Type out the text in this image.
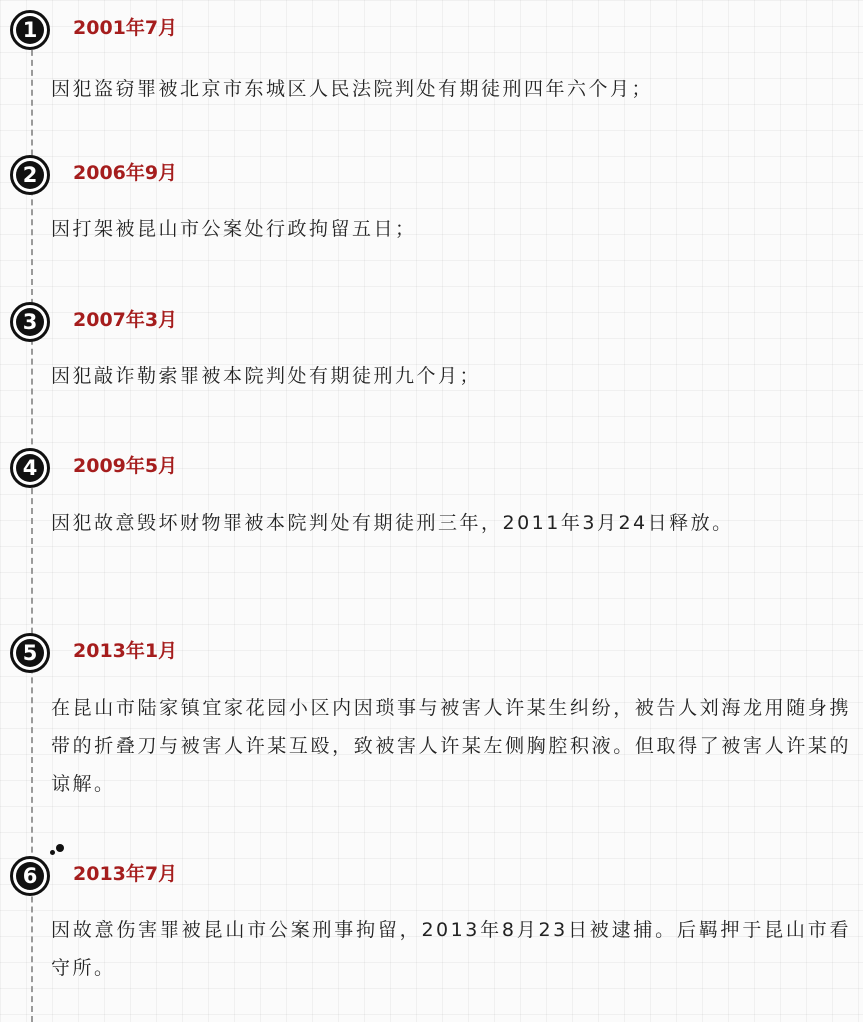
1	2001年7月

因犯盗窃罪被北京市东城区人民法院判处有期徒刑四年六个月；

2	2006年9月

因打架被昆山市公案处行政拘留五日；

3	2007年3月

因犯敲诈勒索罪被本院判处有期徒刑九个月；

4	2009年5月

因犯故意毁坏财物罪被本院判处有期徒刑三年，2011年3月24日释放。

5	2013年1月

在昆山市陆家镇宜家花园小区内因琐事与被害人许某生纠纷，被告人刘海龙用随身携带的折叠刀与被害人许某互殴，致被害人许某左侧胸腔积液。但取得了被害人许某的谅解。

6	2013年7月

因故意伤害罪被昆山市公案刑事拘留，2013年8月23日被逮捕。后羁押于昆山市看守所。
